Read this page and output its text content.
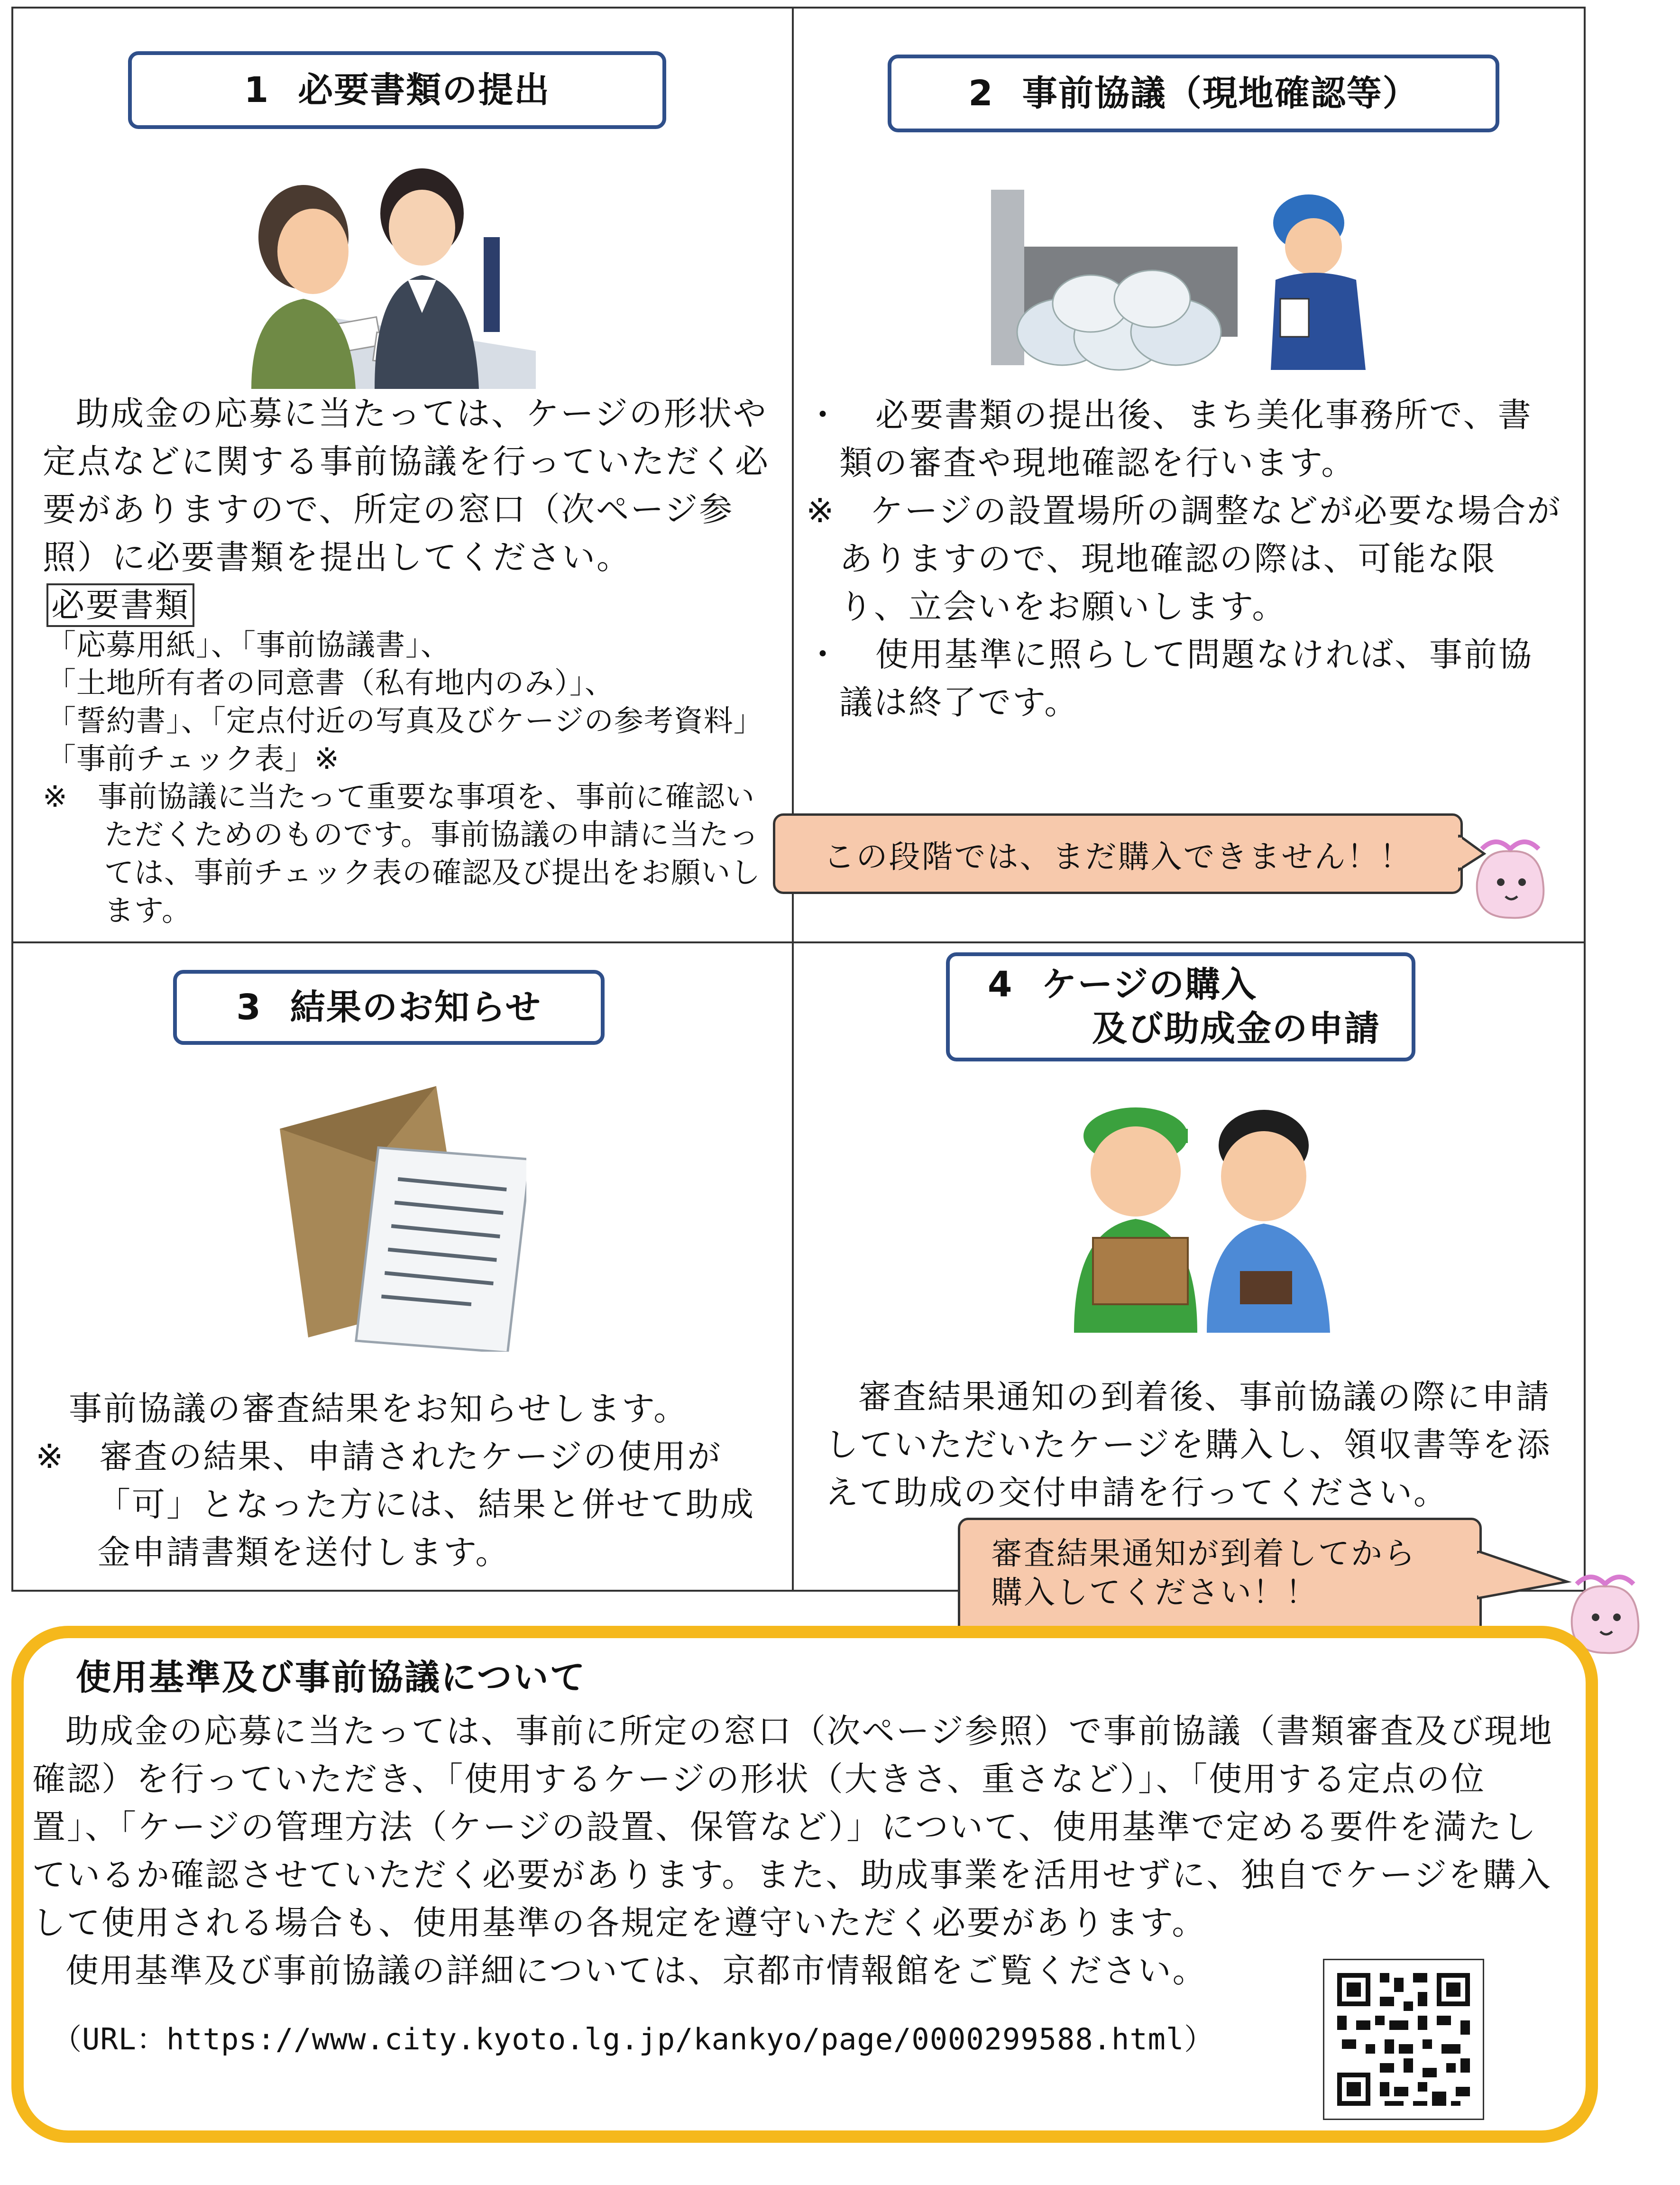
1 必要書類の提出

助成金の応募に当たっては、ケージの形状や定点などに関する事前協議を行っていただく必要がありますので、所定の窓口（次ページ参照）に必要書類を提出してください。

必要書類

「応募用紙」、「事前協議書」、

「土地所有者の同意書（私有地内のみ）」、

「誓約書」、「定点付近の写真及びケージの参考資料」

「事前チェック表」※

※　事前協議に当たって重要な事項を、事前に確認いただくためのものです。事前協議の申請に当たっては、事前チェック表の確認及び提出をお願いします。

2 事前協議（現地確認等）

・　必要書類の提出後、まち美化事務所で、書類の審査や現地確認を行います。

※　ケージの設置場所の調整などが必要な場合がありますので、現地確認の際は、可能な限り、立会いをお願いします。

・　使用基準に照らして問題なければ、事前協議は終了です。

この段階では、まだ購入できません！！
3 結果のお知らせ

事前協議の審査結果をお知らせします。

※　審査の結果、申請されたケージの使用が「可」となった方には、結果と併せて助成金申請書類を送付します。

4 ケージの購入
及び助成金の申請

審査結果通知の到着後、事前協議の際に申請していただいたケージを購入し、領収書等を添えて助成の交付申請を行ってください。

審査結果通知が到着してから
購入してください！！
使用基準及び事前協議について

助成金の応募に当たっては、事前に所定の窓口（次ページ参照）で事前協議（書類審査及び現地確認）を行っていただき、「使用するケージの形状（大きさ、重さなど）」、「使用する定点の位置」、「ケージの管理方法（ケージの設置、保管など）」について、使用基準で定める要件を満たしているか確認させていただく必要があります。また、助成事業を活用せずに、独自でケージを購入して使用される場合も、使用基準の各規定を遵守いただく必要があります。

使用基準及び事前協議の詳細については、京都市情報館をご覧ください。

（URL：https://www.city.kyoto.lg.jp/kankyo/page/0000299588.html）
